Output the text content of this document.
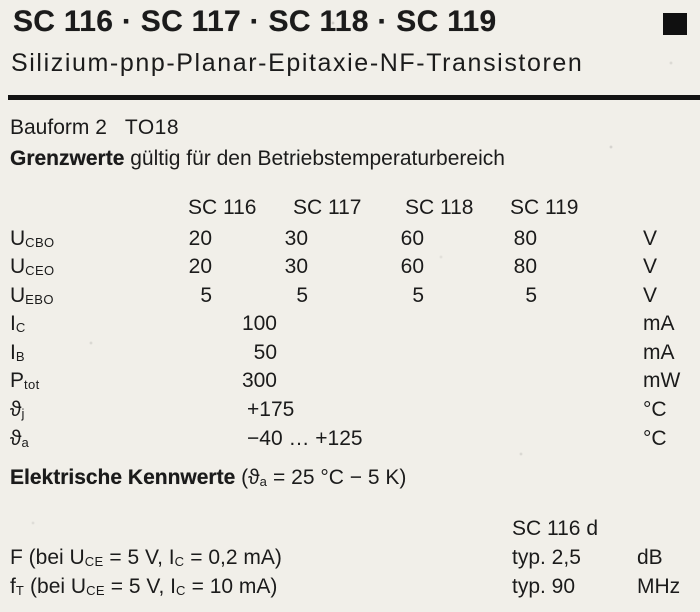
SC 116 · SC 117 · SC 118 · SC 119
Silizium-pnp-Planar-Epitaxie-NF-Transistoren
Bauform 2 TO18
Grenzwerte gültig für den Betriebstemperaturbereich
SC 116 SC 117 SC 118 SC 119
$U_{CBO}$	20	30	60	80	V
$U_{CEO}$	20	30	60	80	V
$U_{EBO}$	5	5	5	5	V
$I_C$	100	mA
$I_B$	50	mA
$P_{tot}$	300	mW
$ϑ_j$	+175	°C
$ϑ_a$	−40 … +125	°C
Elektrische Kennwerte ($ϑ_a = 25$ °C − 5 K)
SC 116 d
F (bei $U_{CE} = 5$ V, $I_C = 0,2$ mA)	typ. 2,5	dB
$f_T$ (bei $U_{CE} = 5$ V, $I_C = 10$ mA)	typ. 90	MHz
